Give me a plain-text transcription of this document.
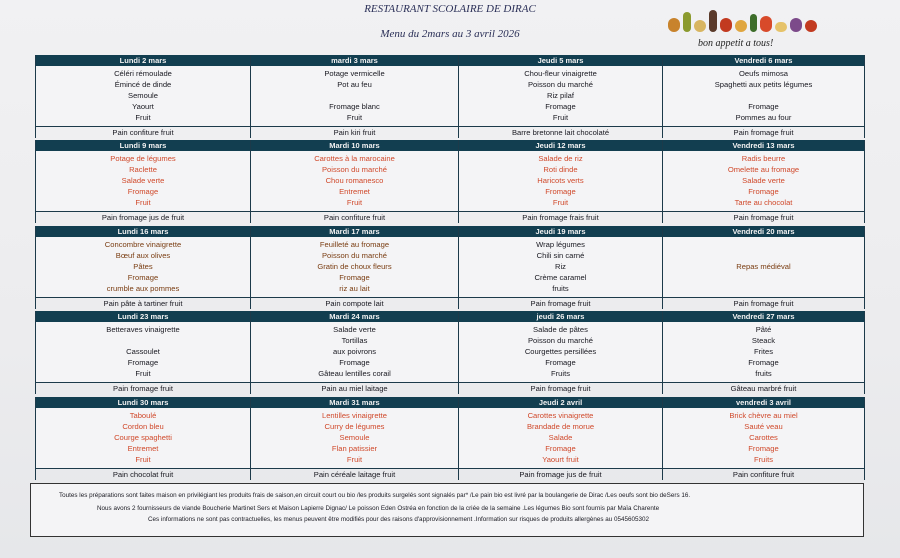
RESTAURANT SCOLAIRE DE DIRAC
Menu du 2mars au 3 avril 2026
bon appetit a tous!
Lundi 2 mars
Céléri rémoulade
Émincé de dinde
Semoule
Yaourt
Fruit
Pain confiture fruit
mardi 3 mars
Potage vermicelle
Pot au feu
Fromage blanc
Fruit
Pain kiri fruit
Jeudi 5 mars
Chou-fleur vinaigrette
Poisson du marché
Riz pilaf
Fromage
Fruit
Barre bretonne lait chocolaté
Vendredi 6 mars
Oeufs mimosa
Spaghetti aux petits légumes
Fromage
Pommes au four
Pain fromage fruit
Lundi 9 mars
Potage de légumes
Raclette
Salade verte
Fromage
Fruit
Pain fromage jus de fruit
Mardi 10 mars
Carottes à la marocaine
Poisson du marché
Chou romanesco
Entremet
Fruit
Pain confiture fruit
Jeudi 12 mars
Salade de riz
Roti dinde
Haricots verts
Fromage
Fruit
Pain fromage frais fruit
Vendredi 13 mars
Radis beurre
Omelette au fromage
Salade verte
Fromage
Tarte au chocolat
Pain fromage fruit
Lundi 16 mars
Concombre vinaigrette
Bœuf aux olives
Pâtes
Fromage
crumble aux pommes
Pain pâte à tartiner fruit
Mardi 17 mars
Feuilleté au fromage
Poisson du marché
Gratin de choux fleurs
Fromage
riz au lait
Pain compote lait
Jeudi 19 mars
Wrap légumes
Chili sin carné
Riz
Crème caramel
fruits
Pain fromage fruit
Vendredi 20 mars
Repas médiéval
Pain fromage fruit
Lundi 23 mars
Betteraves vinaigrette
Cassoulet
Fromage
Fruit
Pain fromage fruit
Mardi 24 mars
Salade verte
Tortillas
aux poivrons
Fromage
Gâteau lentilles corail
Pain au miel laitage
jeudi 26 mars
Salade de pâtes
Poisson du marché
Courgettes persillées
Fromage
Fruits
Pain fromage fruit
Vendredi 27 mars
Pâté
Steack
Frites
Fromage
fruits
Gâteau marbré fruit
Lundi 30 mars
Taboulé
Cordon bleu
Courge spaghetti
Entremet
Fruit
Pain chocolat fruit
Mardi 31 mars
Lentilles vinaigrette
Curry de légumes
Semoule
Flan patissier
Fruit
Pain céréale laitage fruit
Jeudi 2 avril
Carottes vinaigrette
Brandade de morue
Salade
Fromage
Yaourt fruit
Pain fromage jus de fruit
vendredi 3 avril
Brick chèvre au miel
Sauté veau
Carottes
Fromage
Fruits
Pain confiture fruit
Toutes les préparations sont faites maison en privilégiant les produits frais de saison,en circuit court ou bio /les produits surgelés sont signalés par* /Le pain bio est livré par la boulangerie de Dirac /Les oeufs sont bio deSers 16.
Nous avons 2 fournisseurs de viande Boucherie Martinet Sers et Maison Lapierre Dignac/ Le poisson Eden Ostréa en fonction de la criée de la semaine .Les légumes Bio sont fournis par Maïa Charente
Ces informations ne sont pas contractuelles, les menus peuvent être modifiés pour des raisons d'approvisionnement .Information sur risques de produits allergènes au 0545605302
